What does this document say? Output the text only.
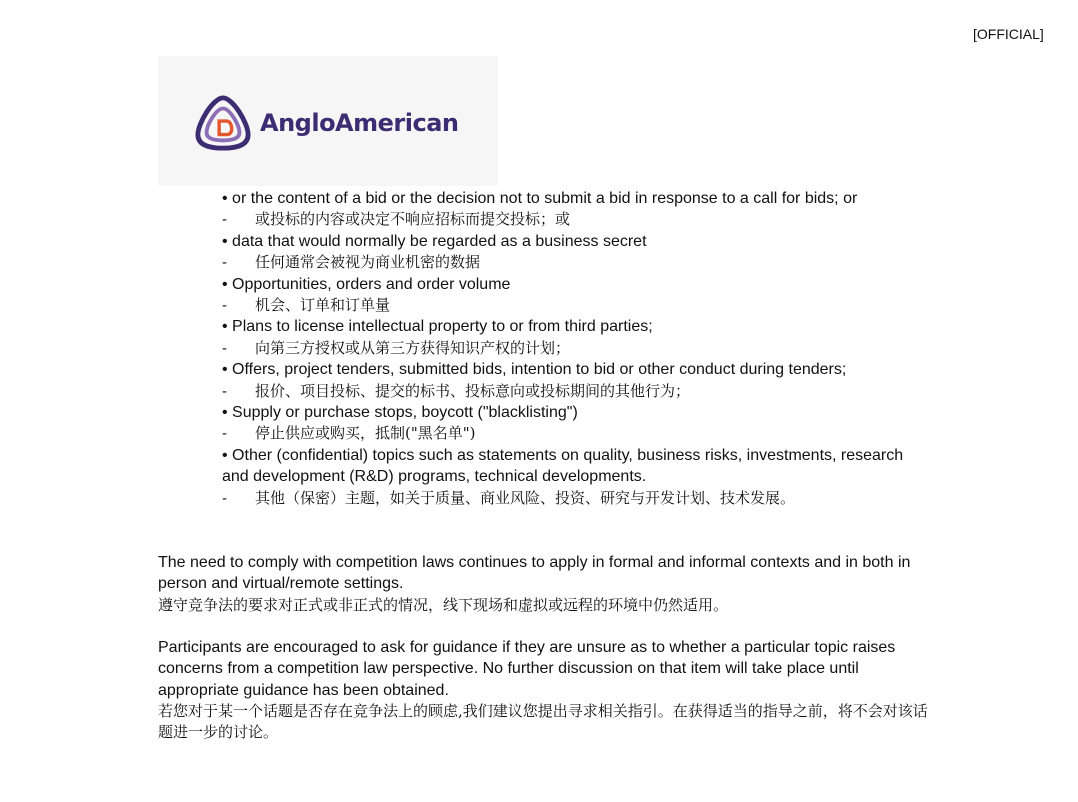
[OFFICIAL]
AngloAmerican
• or the content of a bid or the decision not to submit a bid in response to a call for bids; or
- 或投标的内容或决定不响应招标而提交投标；或
• data that would normally be regarded as a business secret
- 任何通常会被视为商业机密的数据
• Opportunities, orders and order volume
- 机会、订单和订单量
• Plans to license intellectual property to or from third parties;
- 向第三方授权或从第三方获得知识产权的计划；
• Offers, project tenders, submitted bids, intention to bid or other conduct during tenders;
- 报价、项目投标、提交的标书、投标意向或投标期间的其他行为；
• Supply or purchase stops, boycott ("blacklisting")
- 停止供应或购买，抵制("黑名单")
• Other (confidential) topics such as statements on quality, business risks, investments, research and development (R&D) programs, technical developments.
- 其他（保密）主题，如关于质量、商业风险、投资、研究与开发计划、技术发展。
The need to comply with competition laws continues to apply in formal and informal contexts and in both in person and virtual/remote settings.
遵守竞争法的要求对正式或非正式的情况，线下现场和虚拟或远程的环境中仍然适用。
Participants are encouraged to ask for guidance if they are unsure as to whether a particular topic raises concerns from a competition law perspective. No further discussion on that item will take place until appropriate guidance has been obtained.
若您对于某一个话题是否存在竞争法上的顾虑,我们建议您提出寻求相关指引。在获得适当的指导之前，将不会对该话题进一步的讨论。
